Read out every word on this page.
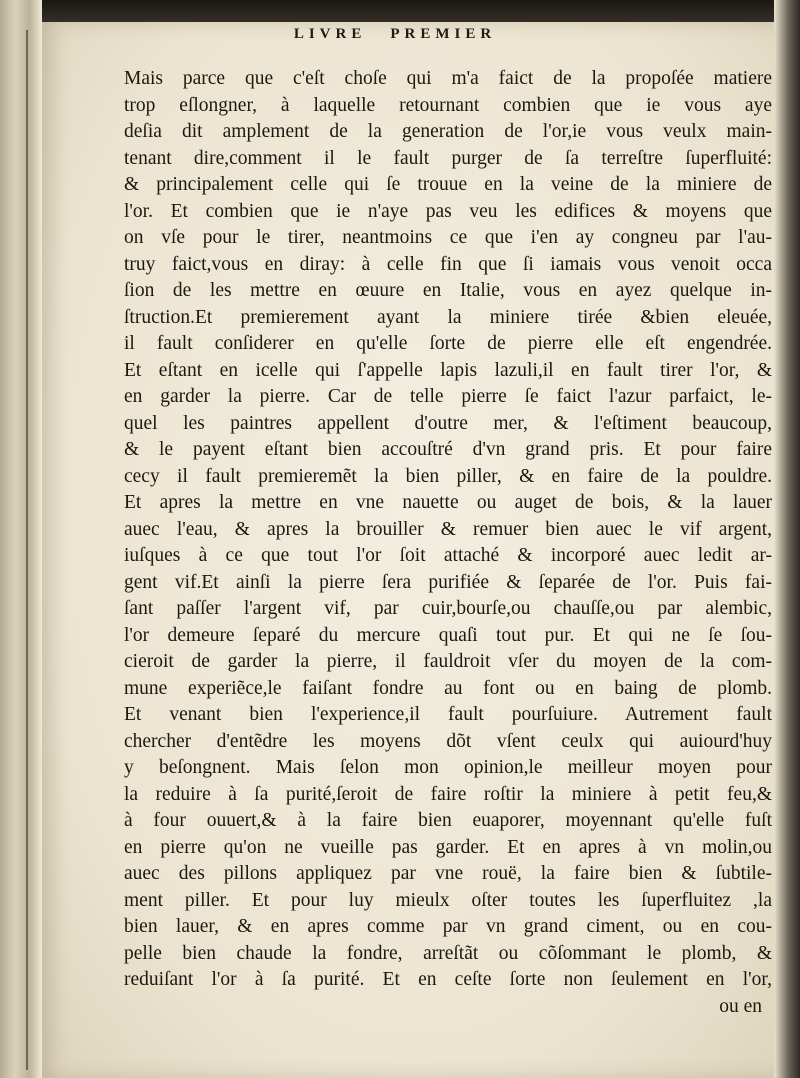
LIVRE PREMIER
Mais parce que c'eſt choſe qui m'a faict de la propoſée matiere
trop eſlongner, à laquelle retournant combien que ie vous aye
deſia dit amplement de la generation de l'or,ie vous veulx main-
tenant dire,comment il le fault purger de ſa terreſtre ſuperfluité:
& principalement celle qui ſe trouue en la veine de la miniere de
l'or. Et combien que ie n'aye pas veu les edifices & moyens que
on vſe pour le tirer, neantmoins ce que i'en ay congneu par l'au-
truy faict,vous en diray: à celle fin que ſi iamais vous venoit occa
ſion de les mettre en œuure en Italie, vous en ayez quelque in-
ſtruction.Et premierement ayant la miniere tirée &bien eleuée,
il fault conſiderer en qu'elle ſorte de pierre elle eſt engendrée.
Et eſtant en icelle qui ſ'appelle lapis lazuli,il en fault tirer l'or, &
en garder la pierre. Car de telle pierre ſe faict l'azur parfaict, le-
quel les paintres appellent d'outre mer, & l'eſtiment beaucoup,
& le payent eſtant bien accouſtré d'vn grand pris. Et pour faire
cecy il fault premieremẽt la bien piller, & en faire de la pouldre.
Et apres la mettre en vne nauette ou auget de bois, & la lauer
auec l'eau, & apres la brouiller & remuer bien auec le vif argent,
iuſques à ce que tout l'or ſoit attaché & incorporé auec ledit ar-
gent vif.Et ainſi la pierre ſera purifiée & ſeparée de l'or. Puis fai-
ſant paſſer l'argent vif, par cuir,bourſe,ou chauſſe,ou par alembic,
l'or demeure ſeparé du mercure quaſi tout pur. Et qui ne ſe ſou-
cieroit de garder la pierre, il fauldroit vſer du moyen de la com-
mune experiẽce,le faiſant fondre au font ou en baing de plomb.
Et venant bien l'experience,il fault pourſuiure. Autrement fault
chercher d'entẽdre les moyens dõt vſent ceulx qui auiourd'huy
y beſongnent. Mais ſelon mon opinion,le meilleur moyen pour
la reduire à ſa purité,ſeroit de faire roſtir la miniere à petit feu,&
à four ouuert,& à la faire bien euaporer, moyennant qu'elle fuſt
en pierre qu'on ne vueille pas garder. Et en apres à vn molin,ou
auec des pillons appliquez par vne rouë, la faire bien & ſubtile-
ment piller. Et pour luy mieulx oſter toutes les ſuperfluitez ,la
bien lauer, & en apres comme par vn grand ciment, ou en cou-
pelle bien chaude la fondre, arreſtãt ou cõſommant le plomb, &
reduiſant l'or à ſa purité. Et en ceſte ſorte non ſeulement en l'or,
ou en
